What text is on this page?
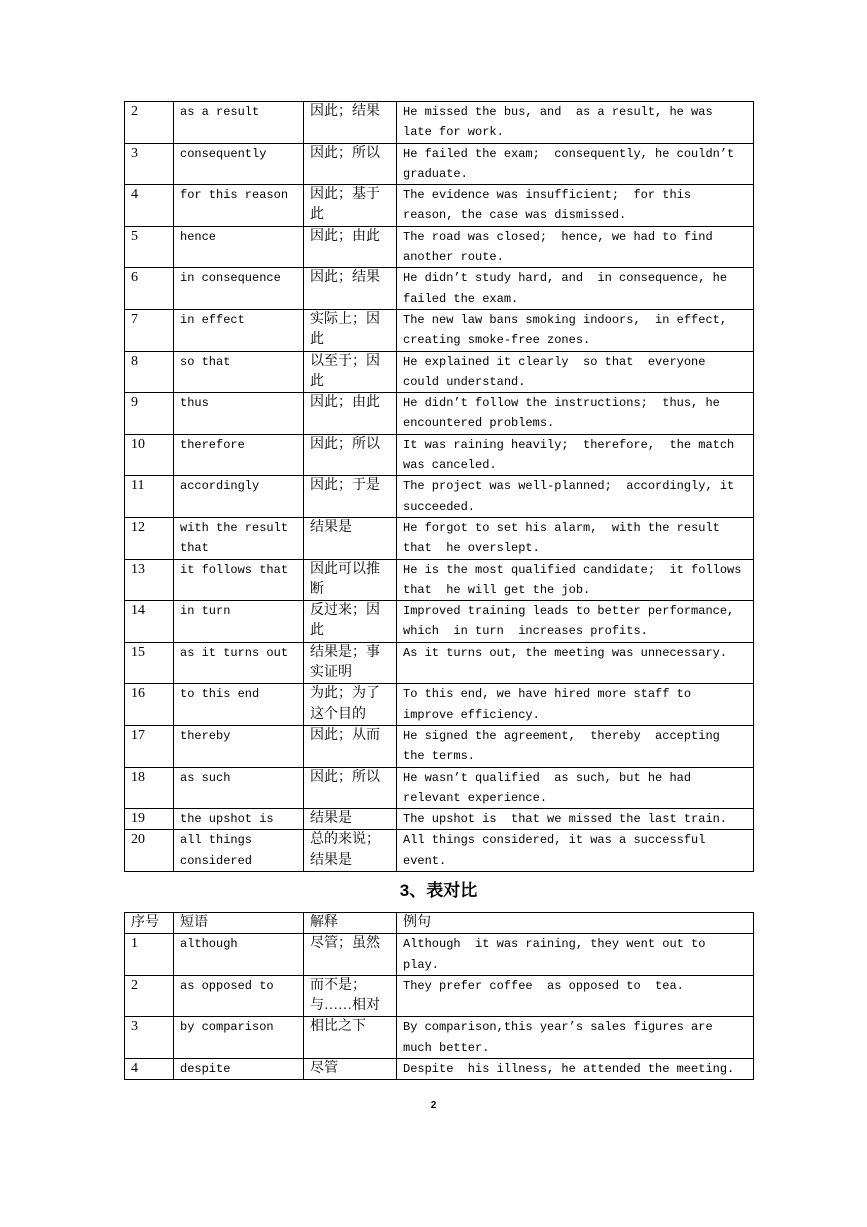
2	as a result	因此；结果	He missed the bus, and  as a result, he was late for work.
3	consequently	因此；所以	He failed the exam;  consequently, he couldn’t graduate.
4	for this reason	因此；基于此	The evidence was insufficient;  for this reason, the case was dismissed.
5	hence	因此；由此	The road was closed;  hence, we had to find another route.
6	in consequence	因此；结果	He didn’t study hard, and  in consequence, he failed the exam.
7	in effect	实际上；因此	The new law bans smoking indoors,  in effect, creating smoke-free zones.
8	so that	以至于；因此	He explained it clearly  so that  everyone could understand.
9	thus	因此；由此	He didn’t follow the instructions;  thus, he encountered problems.
10	therefore	因此；所以	It was raining heavily;  therefore,  the match was canceled.
11	accordingly	因此；于是	The project was well-planned;  accordingly, it succeeded.
12	with the result that	结果是	He forgot to set his alarm,  with the result that  he overslept.
13	it follows that	因此可以推断	He is the most qualified candidate;  it follows that  he will get the job.
14	in turn	反过来；因此	Improved training leads to better performance, which  in turn  increases profits.
15	as it turns out	结果是；事实证明	As it turns out, the meeting was unnecessary.
16	to this end	为此；为了这个目的	To this end, we have hired more staff to improve efficiency.
17	thereby	因此；从而	He signed the agreement,  thereby  accepting the terms.
18	as such	因此；所以	He wasn’t qualified  as such, but he had relevant experience.
19	the upshot is	结果是	The upshot is  that we missed the last train.
20	all things considered	总的来说；结果是	All things considered, it was a successful event.
3、表对比
序号	短语	解释	例句
1	although	尽管；虽然	Although  it was raining, they went out to play.
2	as opposed to	而不是；与……相对	They prefer coffee  as opposed to  tea.
3	by comparison	相比之下	By comparison,this year’s sales figures are much better.
4	despite	尽管	Despite  his illness, he attended the meeting.
2
